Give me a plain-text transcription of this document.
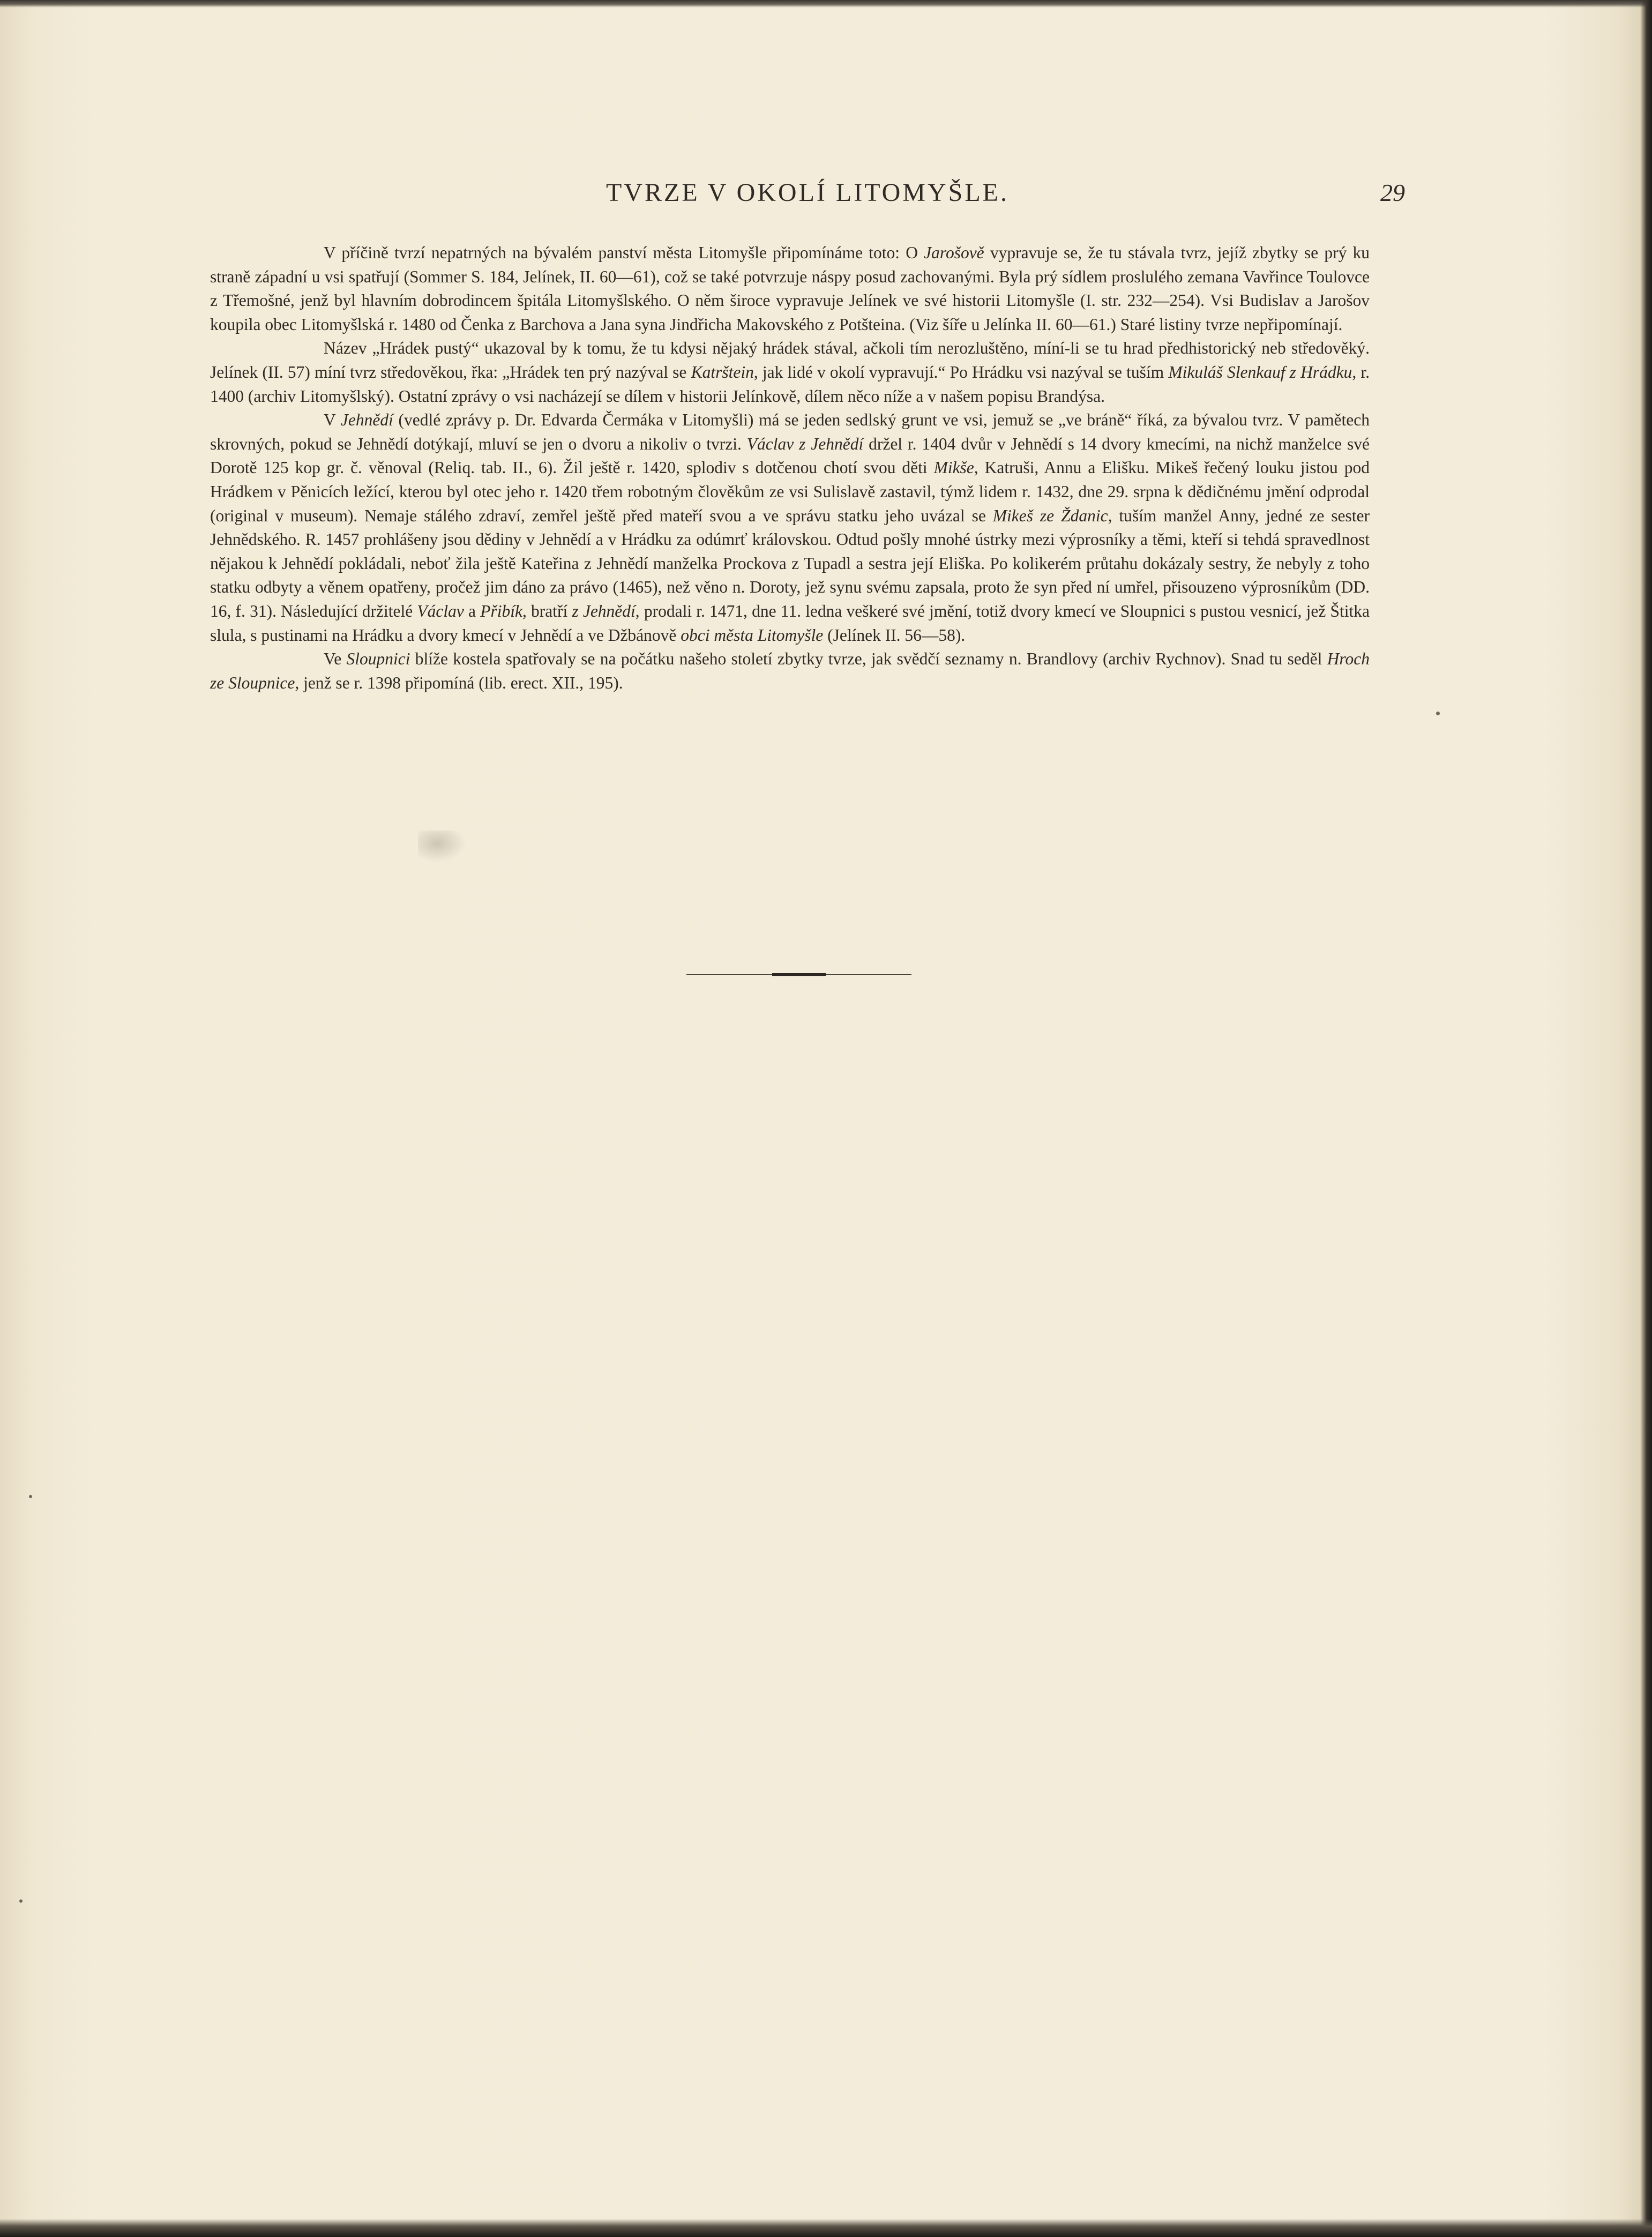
TVRZE V OKOLÍ LITOMYŠLE.	29

V příčině tvrzí nepatrných na bývalém panství města Litomyšle připomínáme toto: O Jarošově vypravuje se, že tu stávala tvrz, jejíž zbytky se prý ku straně západní u vsi spatřují (Sommer S. 184, Jelínek, II. 60—61), což se také potvrzuje náspy posud zachovanými. Byla prý sídlem proslulého zemana Vavřince Toulovce z Třemošné, jenž byl hlavním dobrodincem špitála Litomyšlského. O něm široce vypravuje Jelínek ve své historii Litomyšle (I. str. 232—254). Vsi Budislav a Jarošov koupila obec Litomyšlská r. 1480 od Čenka z Barchova a Jana syna Jindřicha Makovského z Potšteina. (Viz šíře u Jelínka II. 60—61.) Staré listiny tvrze nepřipomínají.

Název „Hrádek pustý“ ukazoval by k tomu, že tu kdysi nějaký hrádek stával, ačkoli tím nerozluštěno, míní-li se tu hrad předhistorický neb středověký. Jelínek (II. 57) míní tvrz středověkou, řka: „Hrádek ten prý nazýval se Katrštein, jak lidé v okolí vypravují.“ Po Hrádku vsi nazýval se tuším Mikuláš Slenkauf z Hrádku, r. 1400 (archiv Litomyšlský). Ostatní zprávy o vsi nacházejí se dílem v historii Jelínkově, dílem něco níže a v našem popisu Brandýsa.

V Jehnědí (vedlé zprávy p. Dr. Edvarda Čermáka v Litomyšli) má se jeden sedlský grunt ve vsi, jemuž se „ve bráně“ říká, za bývalou tvrz. V pamětech skrovných, pokud se Jehnědí dotýkají, mluví se jen o dvoru a nikoliv o tvrzi. Václav z Jehnědí držel r. 1404 dvůr v Jehnědí s 14 dvory kmecími, na nichž manželce své Dorotě 125 kop gr. č. věnoval (Reliq. tab. II., 6). Žil ještě r. 1420, splodiv s dotčenou chotí svou děti Mikše, Katruši, Annu a Elišku. Mikeš řečený louku jistou pod Hrádkem v Pěnicích ležící, kterou byl otec jeho r. 1420 třem robotným člověkům ze vsi Sulislavě zastavil, týmž lidem r. 1432, dne 29. srpna k dědičnému jmění odprodal (original v museum). Nemaje stálého zdraví, zemřel ještě před mateří svou a ve správu statku jeho uvázal se Mikeš ze Ždanic, tuším manžel Anny, jedné ze sester Jehnědského. R. 1457 prohlášeny jsou dědiny v Jehnědí a v Hrádku za odúmrť královskou. Odtud pošly mnohé ústrky mezi výprosníky a těmi, kteří si tehdá spravedlnost nějakou k Jehnědí pokládali, neboť žila ještě Kateřina z Jehnědí manželka Prockova z Tupadl a sestra její Eliška. Po kolikerém průtahu dokázaly sestry, že nebyly z toho statku odbyty a věnem opatřeny, pročež jim dáno za právo (1465), než věno n. Doroty, jež synu svému zapsala, proto že syn před ní umřel, přisouzeno výprosníkům (DD. 16, f. 31). Následující držitelé Václav a Přibík, bratří z Jehnědí, prodali r. 1471, dne 11. ledna veškeré své jmění, totiž dvory kmecí ve Sloupnici s pustou vesnicí, jež Štitka slula, s pustinami na Hrádku a dvory kmecí v Jehnědí a ve Džbánově obci města Litomyšle (Jelínek II. 56—58).

Ve Sloupnici blíže kostela spatřovaly se na počátku našeho století zbytky tvrze, jak svědčí seznamy n. Brandlovy (archiv Rychnov). Snad tu seděl Hroch ze Sloupnice, jenž se r. 1398 připomíná (lib. erect. XII., 195).
